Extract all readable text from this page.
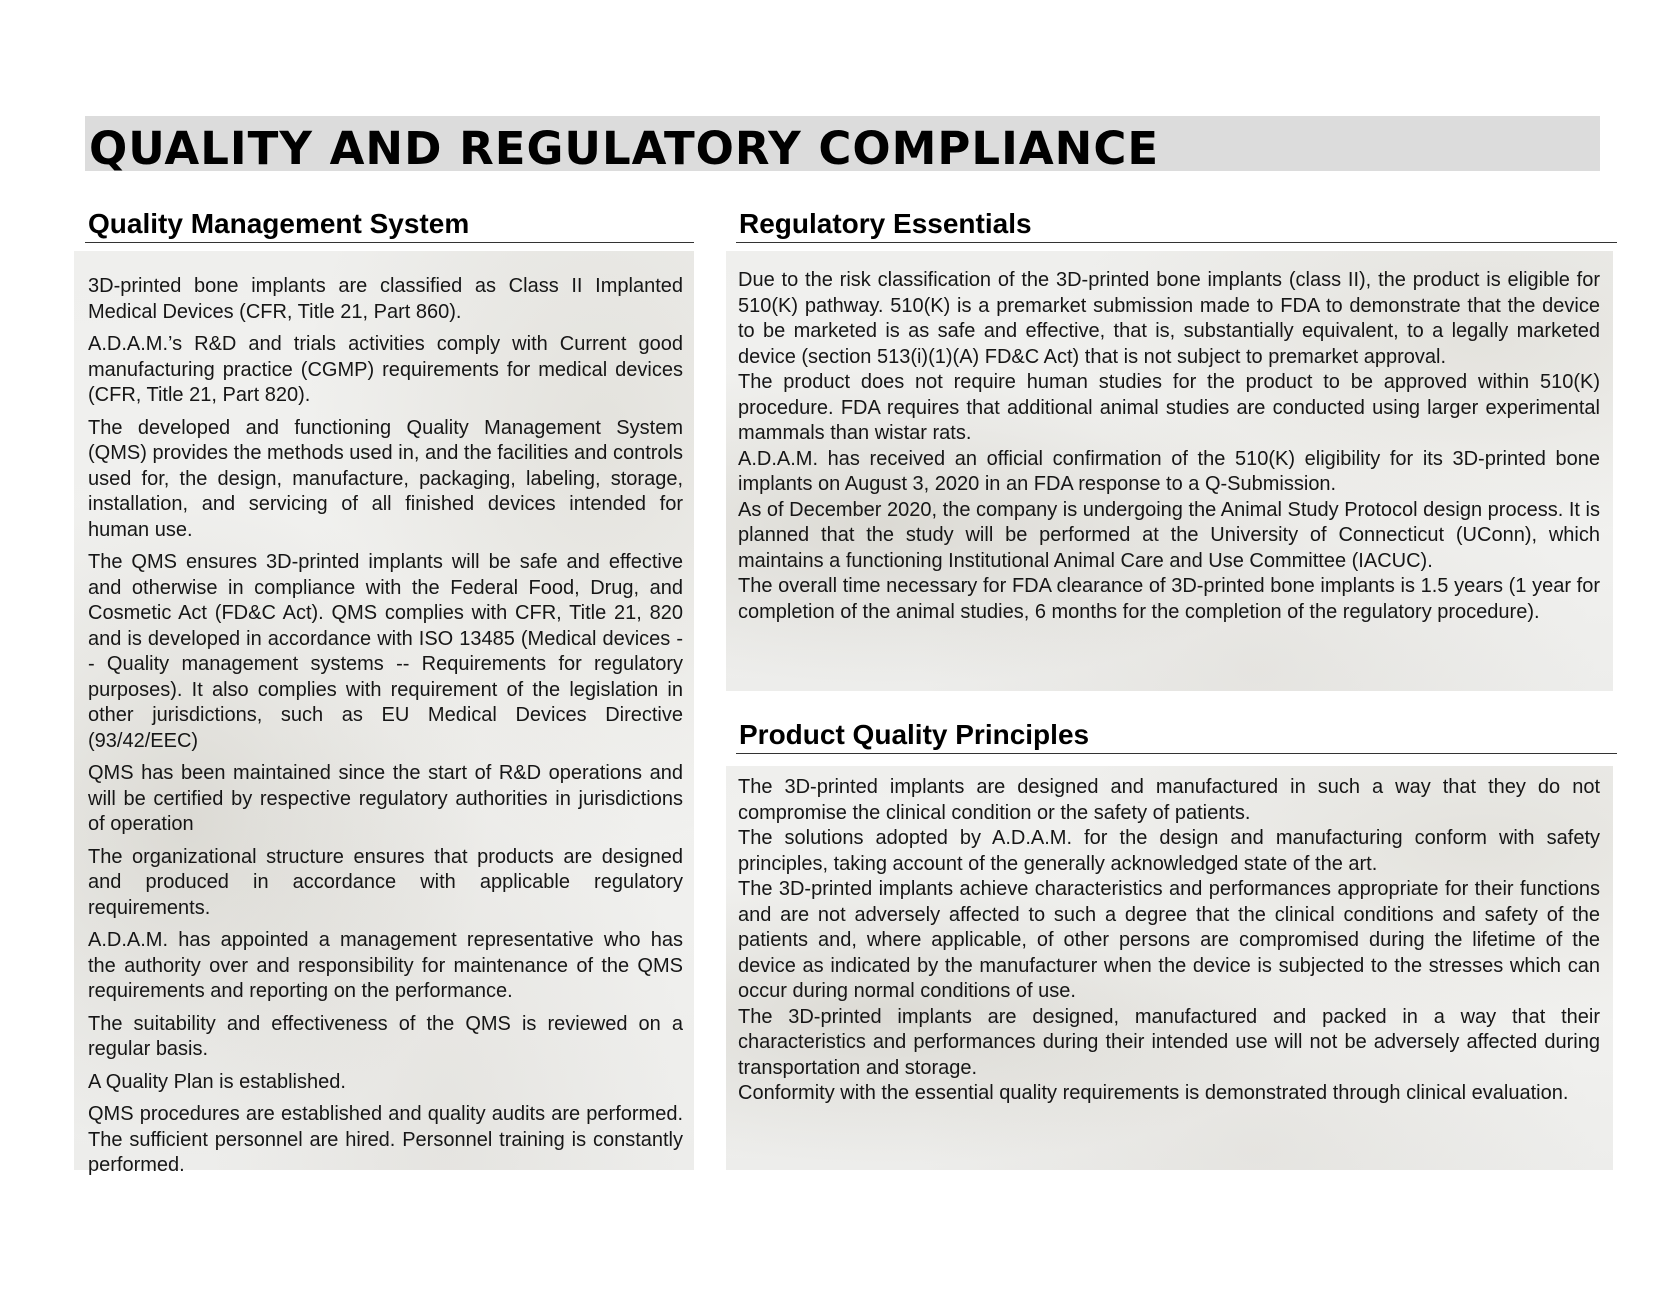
QUALITY AND REGULATORY COMPLIANCE
Quality Management System

3D-printed bone implants are classified as Class II Implanted Medical Devices (CFR, Title 21, Part 860).

A.D.A.M.’s R&D and trials activities comply with Current good manufacturing practice (CGMP) requirements for medical devices (CFR, Title 21, Part 820).

The developed and functioning Quality Management System (QMS) provides the methods used in, and the facilities and controls used for, the design, manufacture, packaging, labeling, storage, installation, and servicing of all finished devices intended for human use.

The QMS ensures 3D-printed implants will be safe and effective and otherwise in compliance with the Federal Food, Drug, and Cosmetic Act (FD&C Act). QMS complies with CFR, Title 21, 820 and is developed in accordance with ISO 13485 (Medical devices -- Quality management systems -- Requirements for regulatory purposes). It also complies with requirement of the legislation in other jurisdictions, such as EU Medical Devices Directive (93/42/EEC)

QMS has been maintained since the start of R&D operations and will be certified by respective regulatory authorities in jurisdictions of operation

The organizational structure ensures that products are designed and produced in accordance with applicable regulatory requirements.

A.D.A.M. has appointed a management representative who has the authority over and responsibility for maintenance of the QMS requirements and reporting on the performance.

The suitability and effectiveness of the QMS is reviewed on a regular basis.

A Quality Plan is established.

QMS procedures are established and quality audits are performed. The sufficient personnel are hired. Personnel training is constantly performed.

Regulatory Essentials

Due to the risk classification of the 3D-printed bone implants (class II), the product is eligible for 510(K) pathway. 510(K) is a premarket submission made to FDA to demonstrate that the device to be marketed is as safe and effective, that is, substantially equivalent, to a legally marketed device (section 513(i)(1)(A) FD&C Act) that is not subject to premarket approval.

The product does not require human studies for the product to be approved within 510(K) procedure. FDA requires that additional animal studies are conducted using larger experimental mammals than wistar rats.

A.D.A.M. has received an official confirmation of the 510(K) eligibility for its 3D-printed bone implants on August 3, 2020 in an FDA response to a Q-Submission.

As of December 2020, the company is undergoing the Animal Study Protocol design process. It is planned that the study will be performed at the University of Connecticut (UConn), which maintains a functioning Institutional Animal Care and Use Committee (IACUC).

The overall time necessary for FDA clearance of 3D-printed bone implants is 1.5 years (1 year for completion of the animal studies, 6 months for the completion of the regulatory procedure).

Product Quality Principles

The 3D-printed implants are designed and manufactured in such a way that they do not compromise the clinical condition or the safety of patients.

The solutions adopted by A.D.A.M. for the design and manufacturing conform with safety principles, taking account of the generally acknowledged state of the art.

The 3D-printed implants achieve characteristics and performances appropriate for their functions and are not adversely affected to such a degree that the clinical conditions and safety of the patients and, where applicable, of other persons are compromised during the lifetime of the device as indicated by the manufacturer when the device is subjected to the stresses which can occur during normal conditions of use.

The 3D-printed implants are designed, manufactured and packed in a way that their characteristics and performances during their intended use will not be adversely affected during transportation and storage.

Conformity with the essential quality requirements is demonstrated through clinical evaluation.
